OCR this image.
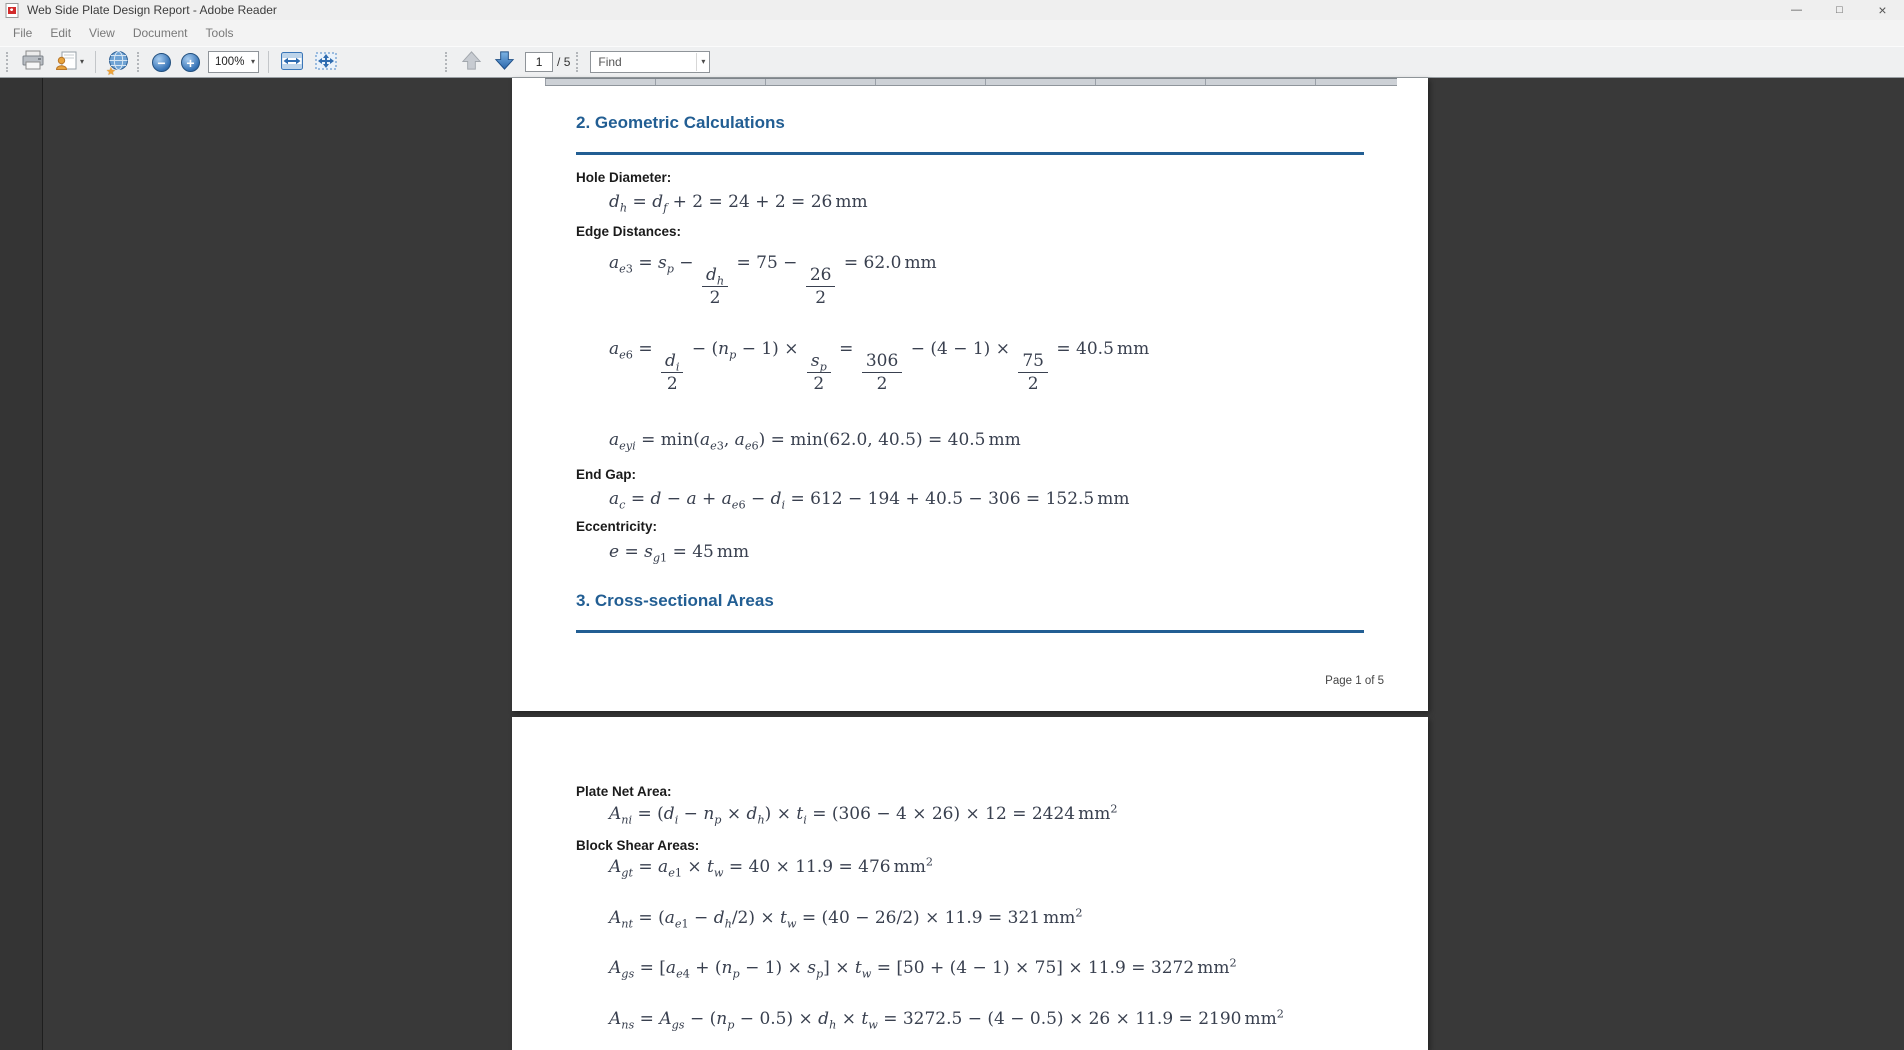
Web Side Plate Design Report - Adobe Reader	—	□	×
File	Edit	View	Document	Tools
▾
★
−	+	100% ▾
1	/ 5
Find	▾
2. Geometric Calculations
Hole Diameter:
$d_h = d_f + 2 = 24 + 2 = 26$ mm
Edge Distances:
$a_{e3} = s_p$ −
$\frac{d_h}{2}$
= 75 −
$\frac{26}{2}$
= 62.0 mm
$a_{e6}$ =
$\frac{d_i}{2}$
− $(n_p - 1)$ ×
$\frac{s_p}{2}$
=
$\frac{306}{2}$
− (4 − 1) ×
$\frac{75}{2}$
= 40.5 mm
$a_{eyi} = \min(a_{e3}$, $a_{e6}) = \min(62.0$, 40.5) = 40.5 mm
End Gap:
$a_c = d - a + a_{e6} - d_i = 612 - 194 + 40.5 - 306 = 152.5$ mm
Eccentricity:
$e = s_{g1} = 45$ mm
3. Cross-sectional Areas
Page 1 of 5
Plate Net Area:
$A_{ni} = (d_i - n_p \times d_h) \times t_i = (306 - 4 \times 26) \times 12 = 2424$ $mm^2$
Block Shear Areas:
$A_{gt} = a_{e1} \times t_w = 40 \times 11.9 = 476$ $mm^2$
$A_{nt} = (a_{e1} - d_h/2) \times t_w = (40 - 26/2) \times 11.9 = 321$ $mm^2$
$A_{gs} = [a_{e4} + (n_p - 1) \times s_p] \times t_w = [50 + (4 - 1) \times 75] \times 11.9 = 3272$ $mm^2$
$A_{ns} = A_{gs} - (n_p - 0.5) \times d_h \times t_w = 3272.5 - (4 - 0.5) \times 26 \times 11.9 = 2190$ $mm^2$
